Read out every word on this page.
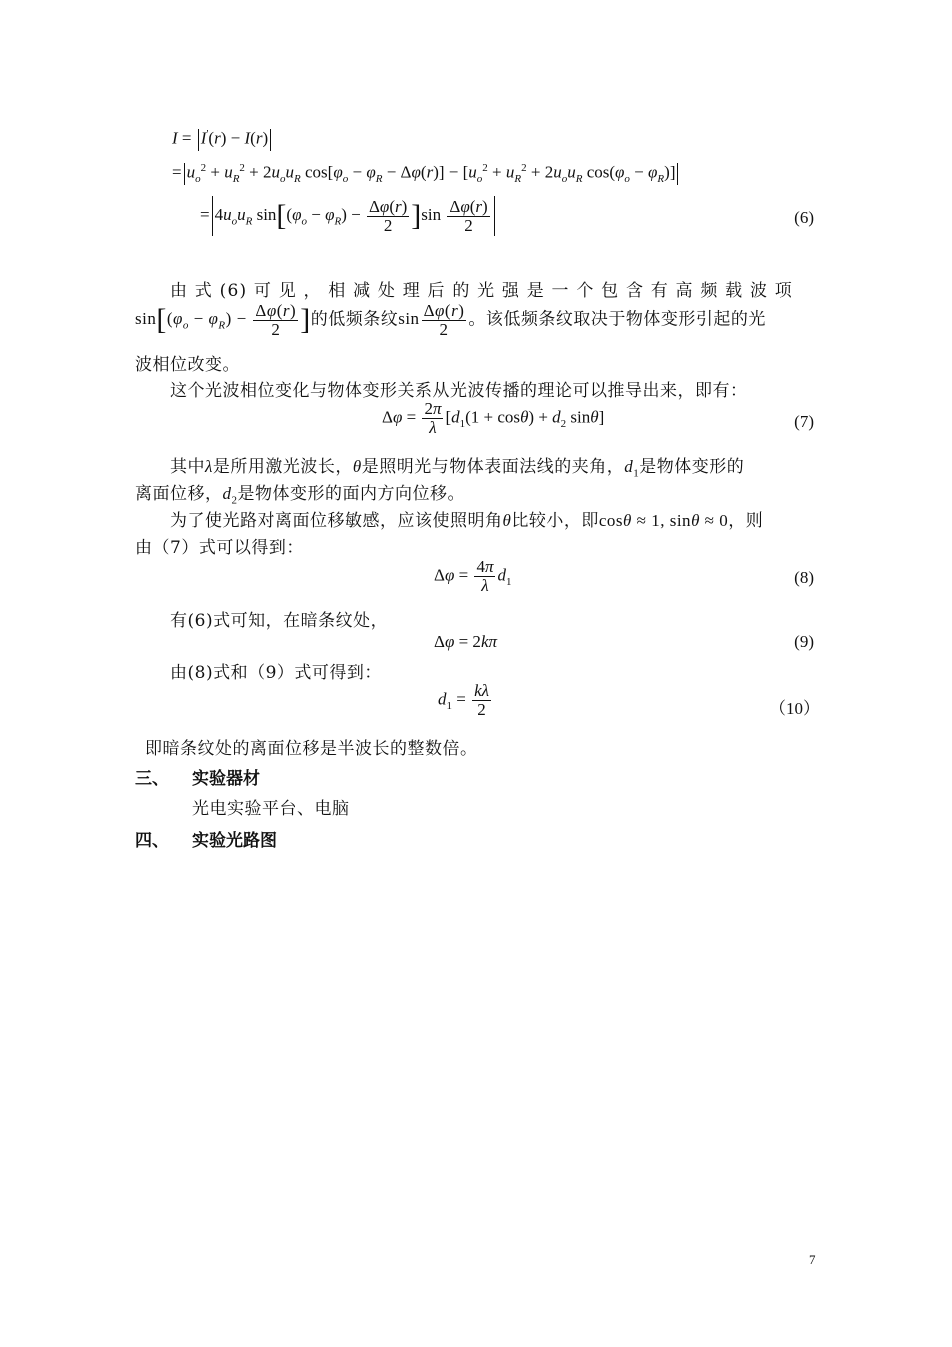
I = I'(r) − I(r)
= $u_o^2 + u_R^2 + 2u_ou_R$ $\cos[\varphi_o - \varphi_R - \Delta\varphi(r)] - [u_o^2 + u_R^2 + 2u_ou_R$ $\cos(\varphi_o - \varphi_R)$]
= $4u_ou_R$ $\sin[(\varphi_o - \varphi_R) - \frac{\Delta\varphi(r)}{2} ]\sin \frac{\Delta\varphi(r)}{2}$	(6)
由 式 (6) 可 见 ， 相 减 处 理 后 的 光 强 是 一 个 包 含 有 高 频 载 波 项
$\sin[(\varphi_o - \varphi_R) - \frac{\Delta\varphi(r)}{2}$ ]的低频条纹$\sin \frac{\Delta\varphi(r)}{2}$ 。该低频条纹取决于物体变形引起的光
波相位改变。
这个光波相位变化与物体变形关系从光波传播的理论可以推导出来，即有：
$\Delta\varphi = \frac{2\pi}{\lambda} [d_1(1 + \cos\theta) + d_2$ sinθ]	(7)
其中λ是所用激光波长，θ是照明光与物体表面法线的夹角，$d_1$是物体变形的
离面位移，$d_2$是物体变形的面内方向位移。
为了使光路对离面位移敏感，应该使照明角θ比较小，即cosθ ≈ 1, sinθ ≈ 0，则
由（7）式可以得到：
$\Delta\varphi = \frac{4\pi}{\lambda} d_1$	(8)
有(6)式可知，在暗条纹处，
Δφ = 2kπ	(9)
由(8)式和（9）式可得到：
$d_1 = \frac{k\lambda}{2}$	（10）
即暗条纹处的离面位移是半波长的整数倍。
三、 实验器材
光电实验平台、电脑
四、 实验光路图
7
